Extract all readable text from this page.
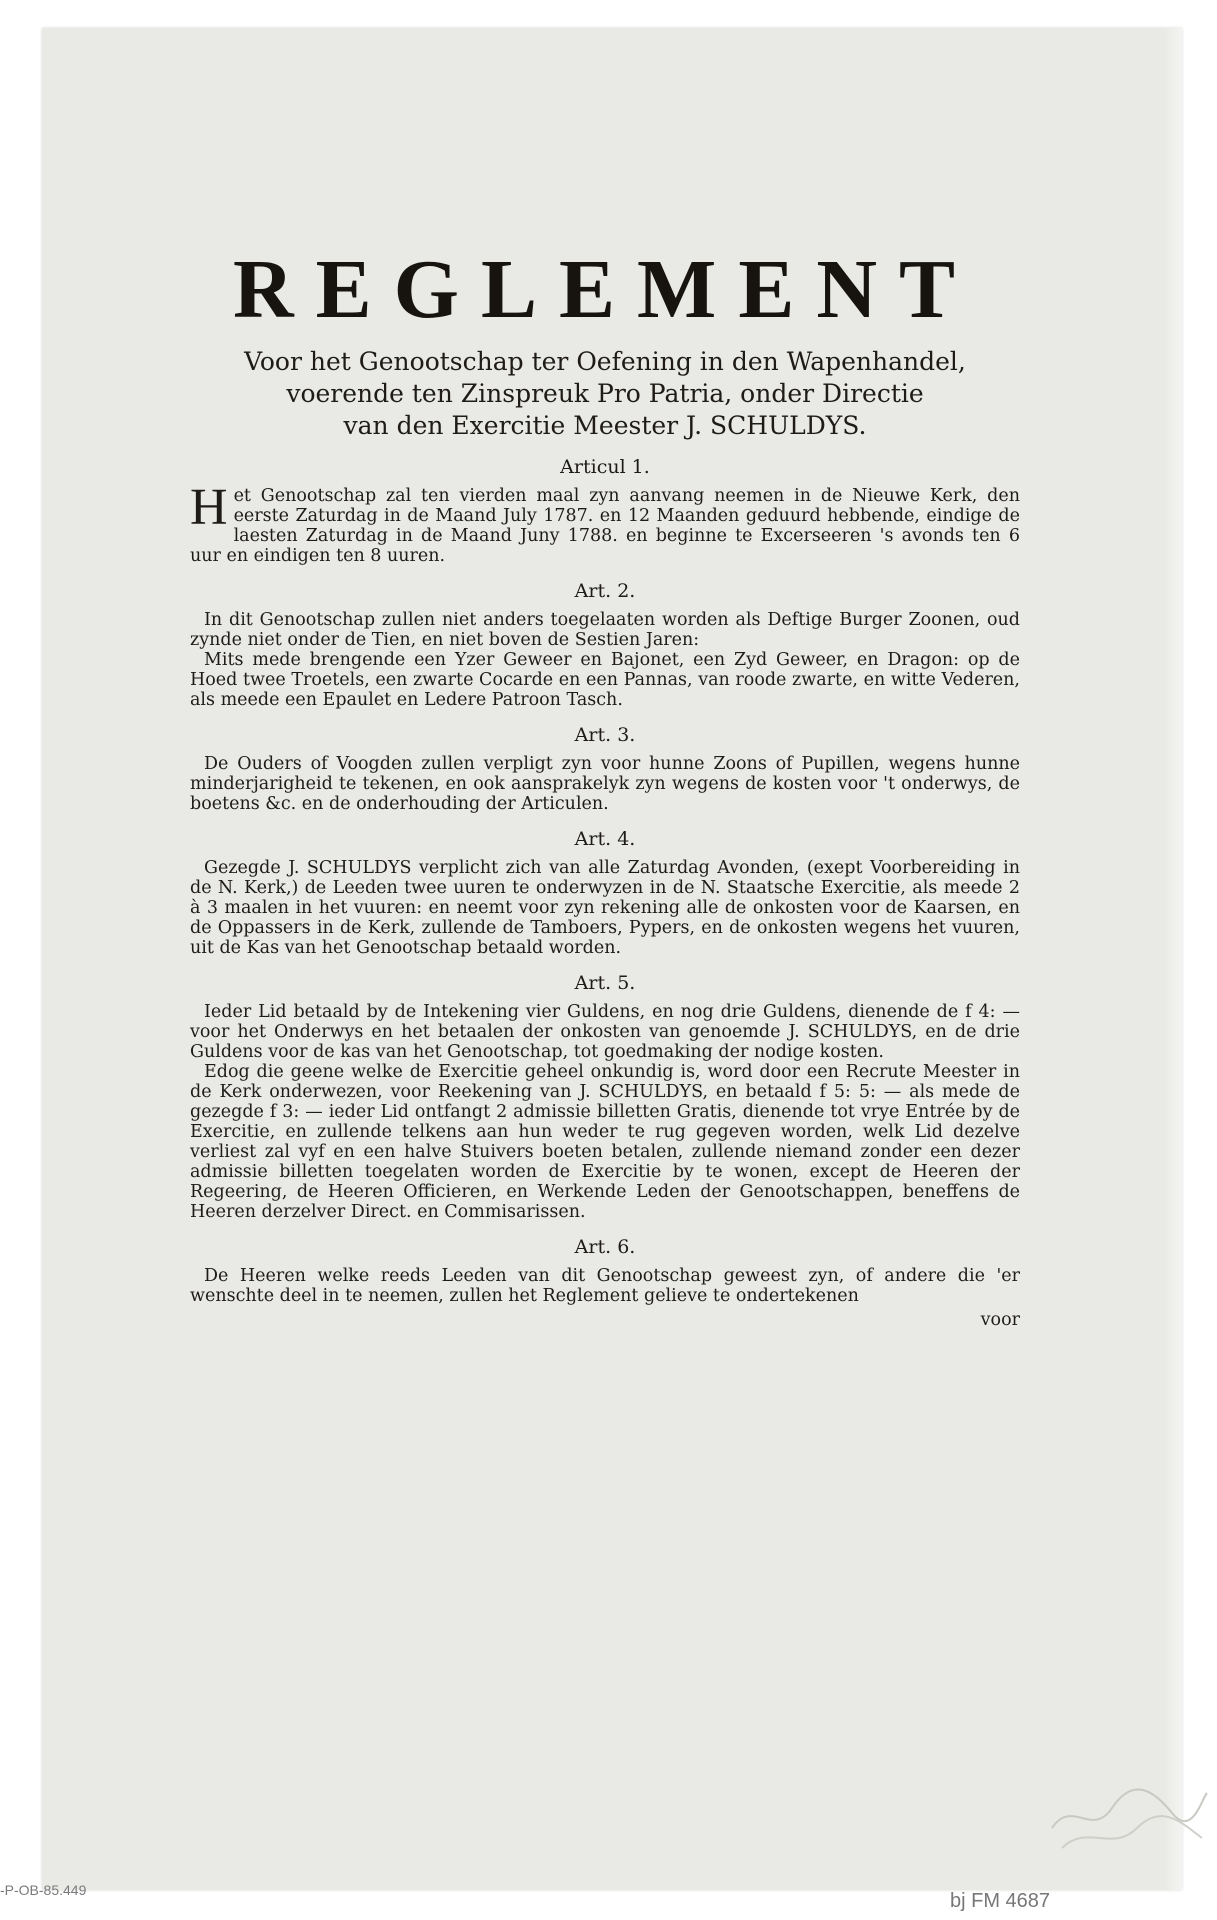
REGLEMENT
Voor het Genootschap ter Oefening in den Wapenhandel,
voerende ten Zinspreuk Pro Patria, onder Directie
van den Exercitie Meester J. SCHULDYS.
Articul 1.
H et Genootschap zal ten vierden maal zyn aanvang neemen in de Nieuwe Kerk, den eerste Zaturdag in de Maand July 1787. en 12 Maanden geduurd hebbende, eindige de laesten Zaturdag in de Maand Juny 1788. en beginne te Excerseeren 's avonds ten 6 uur en eindigen ten 8 uuren.

Art. 2.

In dit Genootschap zullen niet anders toegelaaten worden als Deftige Burger Zoonen, oud zynde niet onder de Tien, en niet boven de Sestien Jaren:

Mits mede brengende een Yzer Geweer en Bajonet, een Zyd Geweer, en Dragon: op de Hoed twee Troetels, een zwarte Cocarde en een Pannas, van roode zwarte, en witte Vederen, als meede een Epaulet en Ledere Patroon Tasch.

Art. 3.

De Ouders of Voogden zullen verpligt zyn voor hunne Zoons of Pupillen, wegens hunne minderjarigheid te tekenen, en ook aansprakelyk zyn wegens de kosten voor 't onderwys, de boetens &c. en de onderhouding der Articulen.

Art. 4.

Gezegde J. SCHULDYS verplicht zich van alle Zaturdag Avonden, (exept Voorbereiding in de N. Kerk,) de Leeden twee uuren te onderwyzen in de N. Staatsche Exercitie, als meede 2 à 3 maalen in het vuuren: en neemt voor zyn rekening alle de onkosten voor de Kaarsen, en de Oppassers in de Kerk, zullende de Tamboers, Pypers, en de onkosten wegens het vuuren, uit de Kas van het Genootschap betaald worden.

Art. 5.

Ieder Lid betaald by de Intekening vier Guldens, en nog drie Guldens, dienende de f 4: — voor het Onderwys en het betaalen der onkosten van genoemde J. SCHULDYS, en de drie Guldens voor de kas van het Genootschap, tot goedmaking der nodige kosten.

Edog die geene welke de Exercitie geheel onkundig is, word door een Recrute Meester in de Kerk onderwezen, voor Reekening van J. SCHULDYS, en betaald f 5: 5: — als mede de gezegde f 3: — ieder Lid ontfangt 2 admissie billetten Gratis, dienende tot vrye Entrée by de Exercitie, en zullende telkens aan hun weder te rug gegeven worden, welk Lid dezelve verliest zal vyf en een halve Stuivers boeten betalen, zullende niemand zonder een dezer admissie billetten toegelaten worden de Exercitie by te wonen, except de Heeren der Regeering, de Heeren Officieren, en Werkende Leden der Genootschappen, beneffens de Heeren derzelver Direct. en Commisarissen.

Art. 6.

De Heeren welke reeds Leeden van dit Genootschap geweest zyn, of andere die 'er wenschte deel in te neemen, zullen het Reglement gelieve te ondertekenen

voor
-P-OB-85.449	bj FM 4687
